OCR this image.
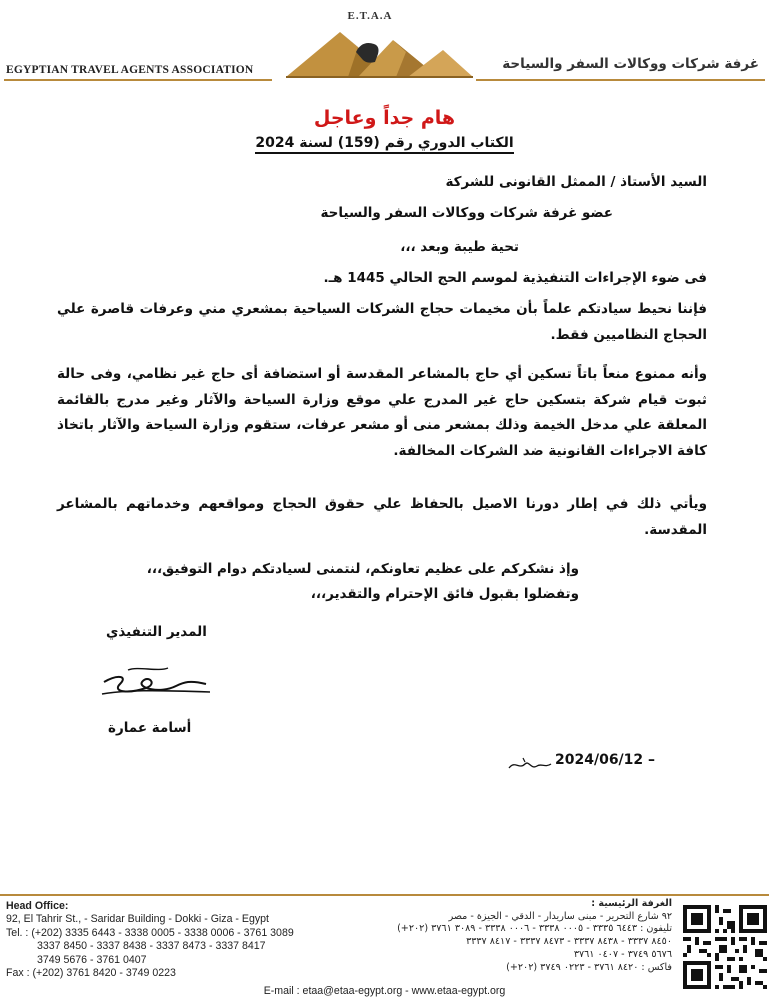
E.T.A.A
EGYPTIAN TRAVEL AGENTS ASSOCIATION	غرفة شركات ووكالات السفر والسياحة
هام جداً وعاجل
الكتاب الدوري رقم (159) لسنة 2024
السيد الأستاذ / الممثل القانونى للشركة
عضو غرفة شركات ووكالات السفر والسياحة
تحية طيبة وبعد ،،،
فى ضوء الإجراءات التنفيذية لموسم الحج الحالي 1445 هـ.
فإننا نحيط سيادتكم علماً بأن مخيمات حجاج الشركات السياحية بمشعري مني وعرفات قاصرة علي الحجاج النظاميين فقط.
وأنه ممنوع منعاً باتاً تسكين أي حاج بالمشاعر المقدسة أو استضافة أى حاج غير نظامي، وفى حالة ثبوت قيام شركة بتسكين حاج غير المدرج علي موقع وزارة السياحة والآثار وغير مدرج بالقائمة المعلقة علي مدخل الخيمة وذلك بمشعر منى أو مشعر عرفات، ستقوم وزارة السياحة والآثار باتخاذ كافة الاجراءات القانونية ضد الشركات المخالفة.
ويأتي ذلك في إطار دورنا الاصيل بالحفاظ علي حقوق الحجاج ومواقعهم وخدماتهم بالمشاعر المقدسة.
وإذ نشكركم على عظيم تعاونكم، لنتمنى لسيادتكم دوام التوفيق،،،
وتفضلوا بقبول فائق الإحترام والتقدير،،،
المدير التنفيذي
أسامة عمارة
2024/06/12 –
Head Office:
92, El Tahrir St., - Saridar Building - Dokki - Giza - Egypt
Tel. : (+202) 3335 6443 - 3338 0005 - 3338 0006 - 3761 3089
3337 8450 - 3337 8438 - 3337 8473 - 3337 8417
3749 5676 - 3761 0407
Fax : (+202) 3761 8420 - 3749 0223
الغرفة الرئيسية :
٩٢ شارع التحرير - مبنى ساريدار - الدقي - الجيزة - مصر
تليفون : ٦٤٤٣ ٣٣٣٥ - ٠٠٠٥ ٣٣٣٨ - ٠٠٠٦ ٣٣٣٨ - ٣٠٨٩ ٣٧٦١ (٢٠٢+)
٨٤٥٠ ٣٣٣٧ - ٨٤٣٨ ٣٣٣٧ - ٨٤٧٣ ٣٣٣٧ - ٨٤١٧ ٣٣٣٧
٥٦٧٦ ٣٧٤٩ - ٠٤٠٧ ٣٧٦١
فاكس : ٨٤٢٠ ٣٧٦١ - ٠٢٢٣ ٣٧٤٩ (٢٠٢+)
E-mail : etaa@etaa-egypt.org - www.etaa-egypt.org
